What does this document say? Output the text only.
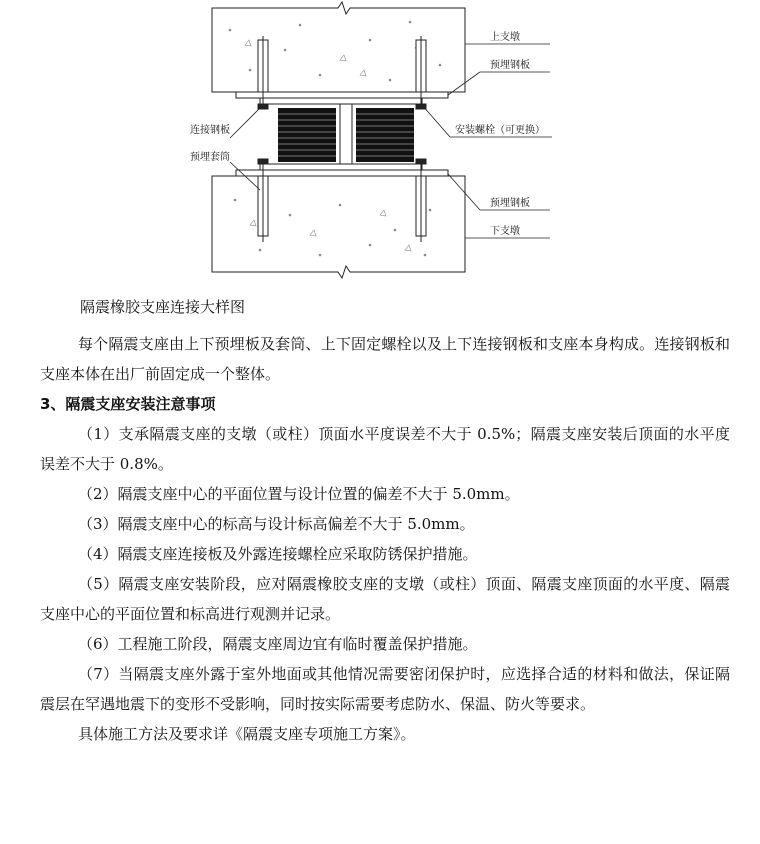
上支墩
预埋钢板
连接钢板
预埋套筒
安装螺栓（可更换）
预埋钢板
下支墩
隔震橡胶支座连接大样图

每个隔震支座由上下预埋板及套筒、上下固定螺栓以及上下连接钢板和支座本身构成。连接钢板和支座本体在出厂前固定成一个整体。

3、隔震支座安装注意事项

（1）支承隔震支座的支墩（或柱）顶面水平度误差不大于 0.5%；隔震支座安装后顶面的水平度误差不大于 0.8%。

（2）隔震支座中心的平面位置与设计位置的偏差不大于 5.0mm。

（3）隔震支座中心的标高与设计标高偏差不大于 5.0mm。

（4）隔震支座连接板及外露连接螺栓应采取防锈保护措施。

（5）隔震支座安装阶段，应对隔震橡胶支座的支墩（或柱）顶面、隔震支座顶面的水平度、隔震支座中心的平面位置和标高进行观测并记录。

（6）工程施工阶段，隔震支座周边宜有临时覆盖保护措施。

（7）当隔震支座外露于室外地面或其他情况需要密闭保护时，应选择合适的材料和做法，保证隔震层在罕遇地震下的变形不受影响，同时按实际需要考虑防水、保温、防火等要求。

具体施工方法及要求详《隔震支座专项施工方案》。
